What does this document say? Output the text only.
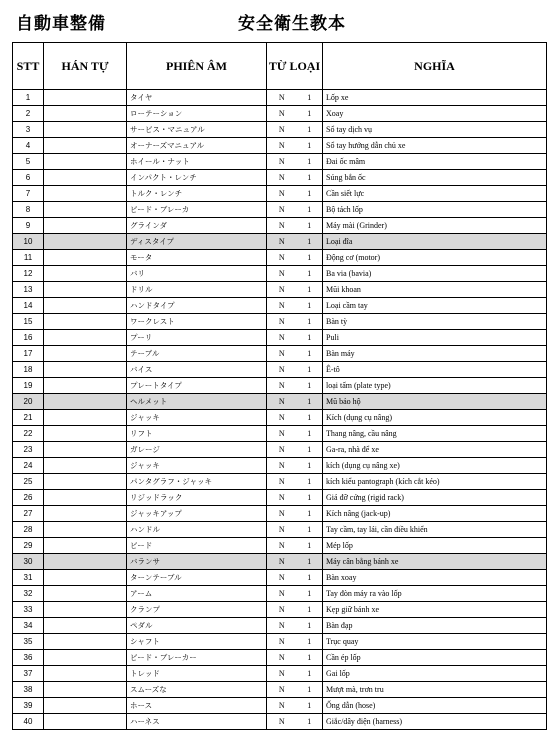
自動車整備	安全衛生教本
STT	HÁN TỰ	PHIÊN ÂM	TỪ LOẠI		NGHĨA
1		タイヤ	N	1	Lốp xe
2		ローテーション	N	1	Xoay
3		サービス・マニュアル	N	1	Sổ tay dịch vụ
4		オーナーズマニュアル	N	1	Sổ tay hướng dẫn chủ xe
5		ホイール・ナット	N	1	Đai ốc mâm
6		インパクト・レンチ	N	1	Súng bắn ốc
7		トルク・レンチ	N	1	Cần siết lực
8		ビード・ブレーカ	N	1	Bộ tách lốp
9		グラインダ	N	1	Máy mài (Grinder)
10		ディスタイプ	N	1	Loại đĩa
11		モータ	N	1	Động cơ (motor)
12		バリ	N	1	Ba via (bavia)
13		ドリル	N	1	Mũi khoan
14		ハンドタイプ	N	1	Loại cầm tay
15		ワークレスト	N	1	Bàn tỳ
16		プーリ	N	1	Puli
17		テーブル	N	1	Bàn máy
18		バイス	N	1	Ê-tô
19		プレートタイプ	N	1	loại tấm (plate type)
20		ヘルメット	N	1	Mũ bảo hộ
21		ジャッキ	N	1	Kích (dụng cụ nâng)
22		リフト	N	1	Thang nâng, cầu nâng
23		ガレージ	N	1	Ga-ra, nhà để xe
24		ジャッキ	N	1	kích (dụng cụ nâng xe)
25		パンタグラフ・ジャッキ	N	1	kích kiểu pantograph (kích cắt kéo)
26		リジッドラック	N	1	Giá đỡ cứng (rigid rack)
27		ジャッキアップ	N	1	Kích nâng (jack-up)
28		ハンドル	N	1	Tay cầm, tay lái, cần điều khiển
29		ビード	N	1	Mép lốp
30		バランサ	N	1	Máy cân bằng bánh xe
31		ターンテーブル	N	1	Bàn xoay
32		アーム	N	1	Tay đòn máy ra vào lốp
33		クランプ	N	1	Kẹp giữ bánh xe
34		ペダル	N	1	Bàn đạp
35		シャフト	N	1	Trục quay
36		ビード・ブレーカー	N	1	Cần ép lốp
37		トレッド	N	1	Gai lốp
38		スムーズな	N	1	Mượt mà, trơn tru
39		ホース	N	1	Ống dẫn (hose)
40		ハーネス	N	1	Giắc/dây điện (harness)
